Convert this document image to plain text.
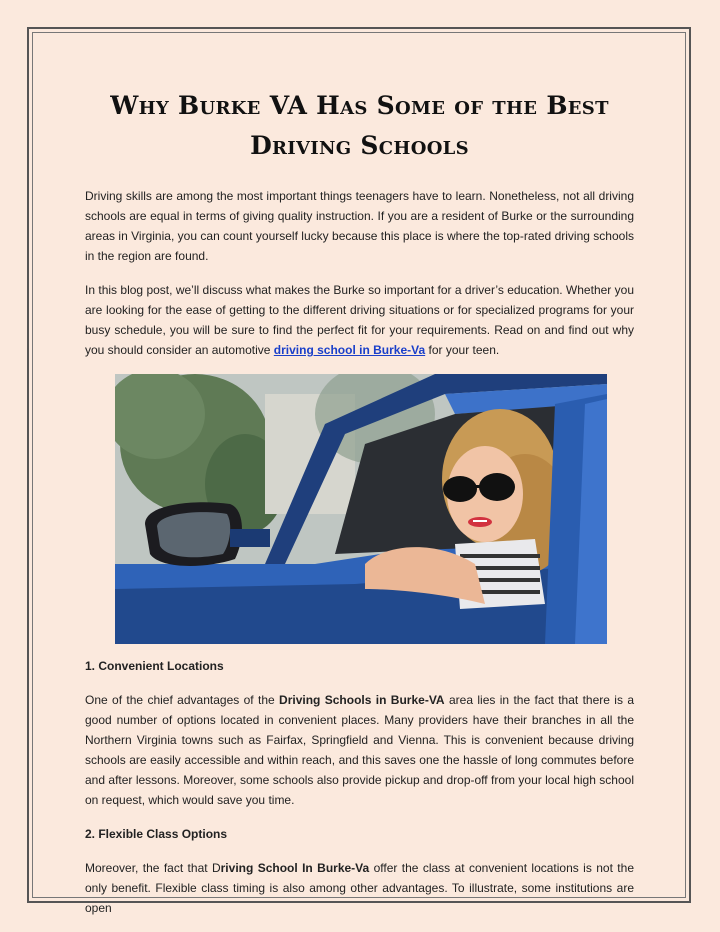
Why Burke VA Has Some of the Best
Driving Schools

Driving skills are among the most important things teenagers have to learn. Nonetheless, not all driving schools are equal in terms of giving quality instruction. If you are a resident of Burke or the surrounding areas in Virginia, you can count yourself lucky because this place is where the top-rated driving schools in the region are found.

In this blog post, we’ll discuss what makes the Burke so important for a driver’s education. Whether you are looking for the ease of getting to the different driving situations or for specialized programs for your busy schedule, you will be sure to find the perfect fit for your requirements. Read on and find out why you should consider an automotive driving school in Burke-Va for your teen.

1. Convenient Locations

One of the chief advantages of the Driving Schools in Burke-VA area lies in the fact that there is a good number of options located in convenient places. Many providers have their branches in all the Northern Virginia towns such as Fairfax, Springfield and Vienna. This is convenient because driving schools are easily accessible and within reach, and this saves one the hassle of long commutes before and after lessons. Moreover, some schools also provide pickup and drop-off from your local high school on request, which would save you time.

2. Flexible Class Options

Moreover, the fact that Driving School In Burke-Va offer the class at convenient locations is not the only benefit. Flexible class timing is also among other advantages. To illustrate, some institutions are open
